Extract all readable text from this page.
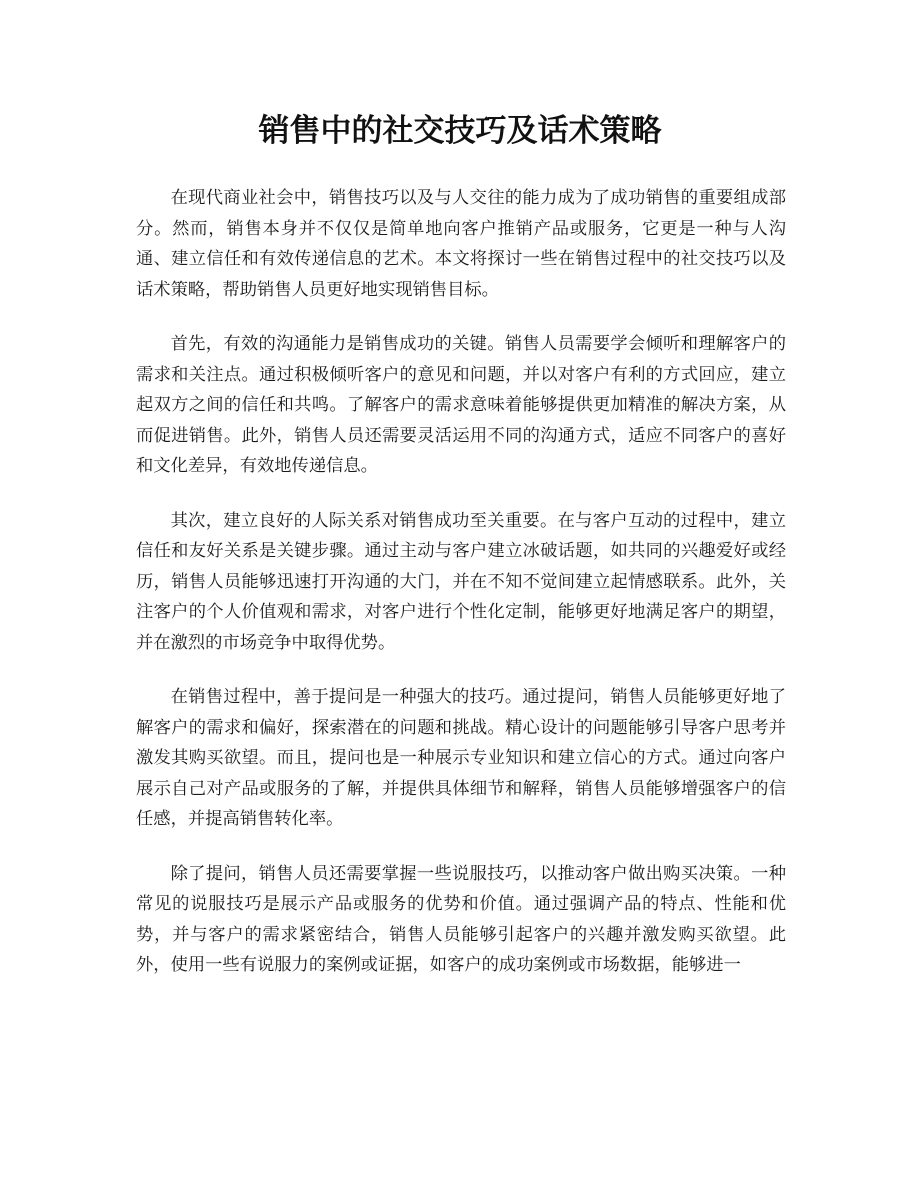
销售中的社交技巧及话术策略

在现代商业社会中，销售技巧以及与人交往的能力成为了成功销售的重要组成部分。然而，销售本身并不仅仅是简单地向客户推销产品或服务，它更是一种与人沟通、建立信任和有效传递信息的艺术。本文将探讨一些在销售过程中的社交技巧以及话术策略，帮助销售人员更好地实现销售目标。

首先，有效的沟通能力是销售成功的关键。销售人员需要学会倾听和理解客户的需求和关注点。通过积极倾听客户的意见和问题，并以对客户有利的方式回应，建立起双方之间的信任和共鸣。了解客户的需求意味着能够提供更加精准的解决方案，从而促进销售。此外，销售人员还需要灵活运用不同的沟通方式，适应不同客户的喜好和文化差异，有效地传递信息。

其次，建立良好的人际关系对销售成功至关重要。在与客户互动的过程中，建立信任和友好关系是关键步骤。通过主动与客户建立冰破话题，如共同的兴趣爱好或经历，销售人员能够迅速打开沟通的大门，并在不知不觉间建立起情感联系。此外，关注客户的个人价值观和需求，对客户进行个性化定制，能够更好地满足客户的期望，并在激烈的市场竞争中取得优势。

在销售过程中，善于提问是一种强大的技巧。通过提问，销售人员能够更好地了解客户的需求和偏好，探索潜在的问题和挑战。精心设计的问题能够引导客户思考并激发其购买欲望。而且，提问也是一种展示专业知识和建立信心的方式。通过向客户展示自己对产品或服务的了解，并提供具体细节和解释，销售人员能够增强客户的信任感，并提高销售转化率。

除了提问，销售人员还需要掌握一些说服技巧，以推动客户做出购买决策。一种常见的说服技巧是展示产品或服务的优势和价值。通过强调产品的特点、性能和优势，并与客户的需求紧密结合，销售人员能够引起客户的兴趣并激发购买欲望。此外，使用一些有说服力的案例或证据，如客户的成功案例或市场数据，能够进一
